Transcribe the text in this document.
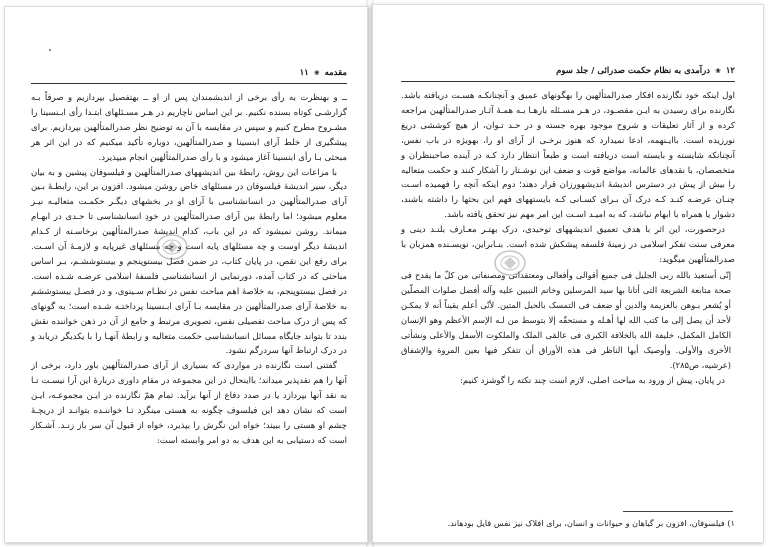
مقدمه ❀ ۱۱

ــ و بهنظرت به رأی برخی از اندیشمندان پس از او ــ بهتفصیل بپردازیم و صرفاً بـه گزارشـی کوتاه بسنده نکنیم. بر این اساس ناچاریم در هـر مسـئلهای ابتـدا رأی ابـنسینا را مشـروح مطرح کنیم و سپس در مقایسه با آن به توضیح نظر صدرالمتألهین بپردازیم. برای پیشگیری از خلط آرای ابنسینا و صدرالمتألهین، دوباره تأکید میکنیم که در این اثر هر مبحثی بـا رأی ابنسینا آغاز میشود و با رأی صدرالمتألهین انجام میپذیرد.

با مراعات این روش، رابطهٔ بین اندیشههای صدرالمتألهین و فیلسوفان پیشین و به بیان دیگر، سیر اندیشهٔ فیلسوفان در مسئلهای خاص روشن میشود. افزون بر این، رابطـهٔ بـین آرای صدرالمتألهین در انسانشناسی با آرای او در بخشهای دیگـر حکمـت متعالیـه نیـز معلوم میشود؛ اما رابطهٔ بین آرای صدرالمتألهین در خودِ انسانشناسی تا حـدی در ابهـام میماند. روشن نمیشود که در این باب، کدام اندیشهٔ صدرالمتألهین برخاسـته از کـدام اندیشهٔ دیگر اوست و چه مسئلهای پایه است و چه مسئلهای غیرپایه و لازمـهٔ آن اسـت. برای رفع این نقص، در پایان کتاب، در ضمن فصل بیستوپنجم و بیستوششـم، بـر اساس مباحثی که در کتاب آمده، دورنمایی از انسانشناسی فلسفهٔ اسلامی عرضـه شـده است. در فصل بیستوپنجم، به خلاصهٔ اهم مباحث نفس در نظـام سـینوی، و در فصـل بیستوششم به خلاصهٔ آرای صدرالمتألهین در مقایسه بـا آرای ابـنسینا پرداختـه شـده است؛ به گونهای که پس از درک مباحث تفصیلی نفس، تصویری مرتبط و جامع از آن در ذهن خواننده نقش بندد تا بتواند جایگاه مسائل انسانشناسی حکمت متعالیه و رابطهٔ آنهـا را با یکدیگر دریابد و در درک ارتباط آنها سردرگم نشود.

گفتنی است نگارنده در مواردی که بسیاری از آرای صدرالمتألهین باور دارد، برخی از آنها را هم نقدپذیر میداند؛ بااینحال در این مجموعه در مقام داوری دربارهٔ این آرا نیسـت تـا به نقد آنها بپردازد یا در صدد دفاع از آنها برآید. تمام همّ نگارنده در ایـن مجموعـه، ایـن است که نشان دهد این فیلسوف چگونه به هستی مینگرد تـا خواننـده بتوانـد از دریچـهٔ چشم او هستی را ببیند؛ خواه این نگرش را بپذیرد، خواه از قبول آن سر باز زنـد. آشـکار است که دستیابی به این هدف به دو امر وابسته است:

۱۲ ❀ درآمدی به نظام حکمت صدرائی / جلد سوم

اول اینکه خود نگارنده افکار صدرالمتألهین را بهگونهای عمیق و آنچنانکـه هسـت دریافته باشد. نگارنده برای رسیدن به ایـن مقصـود، در هـر مسـئله بارهـا بـه همـهٔ آثـار صدرالمتألهین مراجعه کرده و از آثار تعلیقات و شروح موجود بهره جسته و در حـد تـوان، از هیچ کوششی دریغ نورزیده است. باایـنهمه، ادعا نمیدارد که هنوز برخـی از آرای او را، بهویژه در باب نفس، آنچنانکه شایسته و بایسته است دریافته است و طبعاً انتظار دارد کـه در آینده صاحبنظران و متخصصان، با نقدهای عالمانه، مواضع قوت و ضعف این نوشـتار را آشکار کنند و حکمت متعالیه را بیش از پیش در دسترس اندیشهٔ اندیشهورزان قرار دهند؛ دوم اینکه آنچه را فهمیده اسـت چنـان عرضـه کنـد کـه درک آن بـرای کسـانی کـه بایستههای فهم این بحثها را داشته باشند، دشوار یا همراه با ابهام نباشد، که به امیـد اسـت این امر مهم نیز تحقق یافته باشد.

درحصورت، این اثر با هدف تعمیق اندیشههای توحیدی، درک بهتـر معـارف بلنـد دینی و معرفی سنت تفکر اسلامی در زمینهٔ فلسفه پیشکش شده است. بنـابراین، نویسـنده همزبان با صدرالمتألهین میگوید:

إنّی أستعیذ بالله ربی الجلیل فی جمیع أقوالی وأفعالی ومعتقداتی ومصنفاتی من کلّ ما یقدح فی صحة متابعة الشریعة التی أتانا بها سید المرسلین وخاتم النبیین علیه وآله أفضل صلوات المصلّین أو یُشعر بـوهن بالعزیمة والدین أو ضعف فی التمسک بالحبل المتین. لأنّی أعلم یقیناً أنه لا یمکـن لأحد أن یصل إلى ما کتب الله لها أهـله و مستحقّه إلا بتوسط من لـه الإسم الأعظم وهو الإنسان الکامل المکمل، خلیفة الله بالخلافة الکبرى فی عالمَی الملک والملکوت الأسفل والأعلى ونشأتی الأخرى والأولى. وأوصیک أیها الناظر فی هذه الأوراق أن تتفکر فیها بعین المروة والإشفاق (عرشیه، ص۲۸۵).

در پایان، پیش از ورود به مباحث اصلی، لازم است چند نکته را گوشزد کنیم:

۱) فیلسوفان، افزون بر گیاهان و حیوانات و انسان، برای افلاک نیز نفس قایل بودهاند.
